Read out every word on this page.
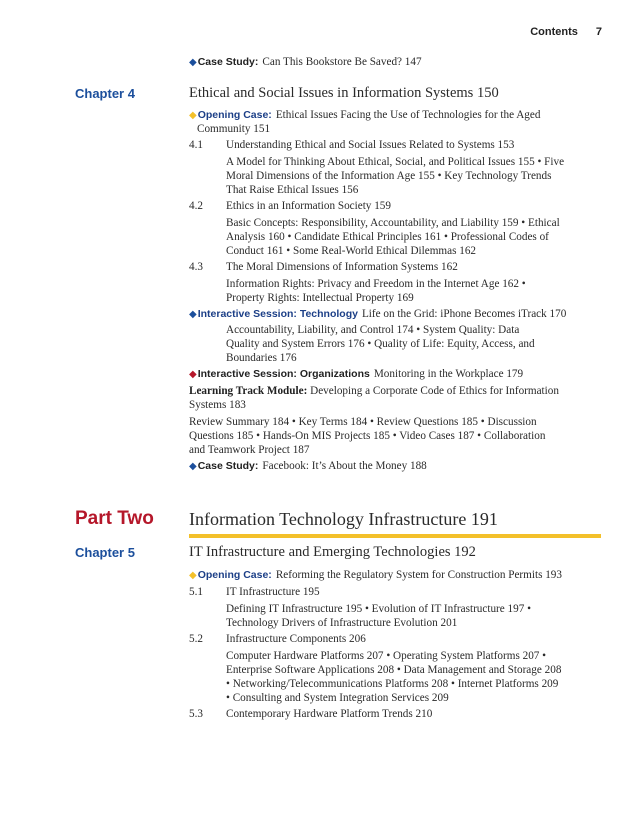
Contents 7
◆Case Study: Can This Bookstore Be Saved? 147
Chapter 4	Ethical and Social Issues in Information Systems 150
◆Opening Case: Ethical Issues Facing the Use of Technologies for the Aged
Community 151
4.1 Understanding Ethical and Social Issues Related to Systems 153
A Model for Thinking About Ethical, Social, and Political Issues 155 • Five
Moral Dimensions of the Information Age 155 • Key Technology Trends
That Raise Ethical Issues 156
4.2 Ethics in an Information Society 159
Basic Concepts: Responsibility, Accountability, and Liability 159 • Ethical
Analysis 160 • Candidate Ethical Principles 161 • Professional Codes of
Conduct 161 • Some Real-World Ethical Dilemmas 162
4.3 The Moral Dimensions of Information Systems 162
Information Rights: Privacy and Freedom in the Internet Age 162 •
Property Rights: Intellectual Property 169
◆Interactive Session: Technology Life on the Grid: iPhone Becomes iTrack 170
Accountability, Liability, and Control 174 • System Quality: Data
Quality and System Errors 176 • Quality of Life: Equity, Access, and
Boundaries 176
◆Interactive Session: Organizations Monitoring in the Workplace 179
Learning Track Module: Developing a Corporate Code of Ethics for Information
Systems 183
Review Summary 184 • Key Terms 184 • Review Questions 185 • Discussion
Questions 185 • Hands-On MIS Projects 185 • Video Cases 187 • Collaboration
and Teamwork Project 187
◆Case Study: Facebook: It’s About the Money 188
Part Two Information Technology Infrastructure 191
Chapter 5	IT Infrastructure and Emerging Technologies 192
◆Opening Case: Reforming the Regulatory System for Construction Permits 193
5.1 IT Infrastructure 195
Defining IT Infrastructure 195 • Evolution of IT Infrastructure 197 •
Technology Drivers of Infrastructure Evolution 201
5.2 Infrastructure Components 206
Computer Hardware Platforms 207 • Operating System Platforms 207 •
Enterprise Software Applications 208 • Data Management and Storage 208
• Networking/Telecommunications Platforms 208 • Internet Platforms 209
• Consulting and System Integration Services 209
5.3 Contemporary Hardware Platform Trends 210
